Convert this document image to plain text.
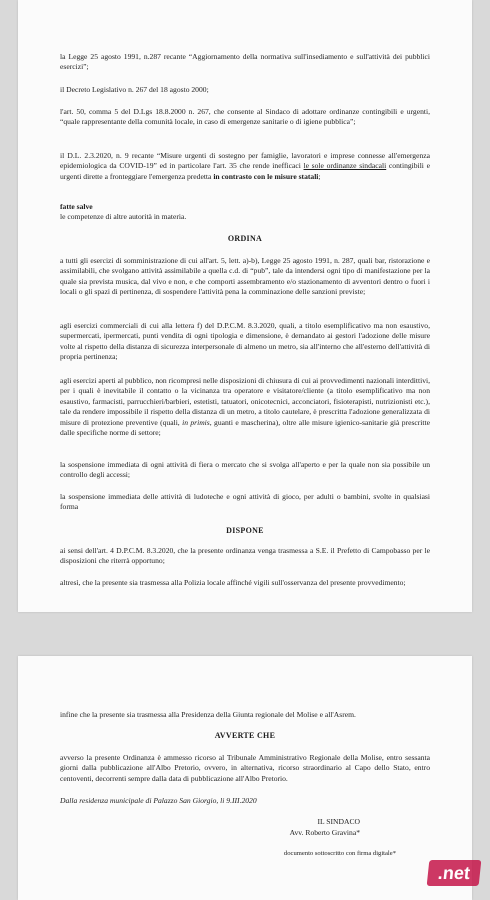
la Legge 25 agosto 1991, n.287 recante “Aggiornamento della normativa sull'insediamento e sull'attività dei pubblici esercizi”;

il Decreto Legislativo n. 267 del 18 agosto 2000;

l'art. 50, comma 5 del D.Lgs 18.8.2000 n. 267, che consente al Sindaco di adottare ordinanze contingibili e urgenti, “quale rappresentante della comunità locale, in caso di emergenze sanitarie o di igiene pubblica”;

il D.L. 2.3.2020, n. 9 recante “Misure urgenti di sostegno per famiglie, lavoratori e imprese connesse all'emergenza epidemiologica da COVID-19” ed in particolare l'art. 35 che rende inefficaci le sole ordinanze sindacali contingibili e urgenti dirette a fronteggiare l'emergenza predetta in contrasto con le misure statali;

fatte salve

le competenze di altre autorità in materia.

ORDINA

a tutti gli esercizi di somministrazione di cui all'art. 5, lett. a)-b), Legge 25 agosto 1991, n. 287, quali bar, ristorazione e assimilabili, che svolgano attività assimilabile a quella c.d. di “pub”, tale da intendersi ogni tipo di manifestazione per la quale sia prevista musica, dal vivo e non, e che comporti assembramento e/o stazionamento di avventori dentro o fuori i locali o gli spazi di pertinenza, di sospendere l'attività pena la comminazione delle sanzioni previste;

agli esercizi commerciali di cui alla lettera f) del D.P.C.M. 8.3.2020, quali, a titolo esemplificativo ma non esaustivo, supermercati, ipermercati, punti vendita di ogni tipologia e dimensione, è demandato ai gestori l'adozione delle misure volte al rispetto della distanza di sicurezza interpersonale di almeno un metro, sia all'interno che all'esterno dell'attività di propria pertinenza;

agli esercizi aperti al pubblico, non ricompresi nelle disposizioni di chiusura di cui ai provvedimenti nazionali interdittivi, per i quali è inevitabile il contatto o la vicinanza tra operatore e visitatore/cliente (a titolo esemplificativo ma non esaustivo, farmacisti, parrucchieri/barbieri, estetisti, tatuatori, onicotecnici, acconciatori, fisioterapisti, nutrizionisti etc.), tale da rendere impossibile il rispetto della distanza di un metro, a titolo cautelare, è prescritta l'adozione generalizzata di misure di protezione preventive (quali, in primis, guanti e mascherina), oltre alle misure igienico-sanitarie già prescritte dalle specifiche norme di settore;

la sospensione immediata di ogni attività di fiera o mercato che si svolga all'aperto e per la quale non sia possibile un controllo degli accessi;

la sospensione immediata delle attività di ludoteche e ogni attività di gioco, per adulti o bambini, svolte in qualsiasi forma

DISPONE

ai sensi dell'art. 4 D.P.C.M. 8.3.2020, che la presente ordinanza venga trasmessa a S.E. il Prefetto di Campobasso per le disposizioni che riterrà opportuno;

altresì, che la presente sia trasmessa alla Polizia locale affinché vigili sull'osservanza del presente provvedimento;

infine che la presente sia trasmessa alla Presidenza della Giunta regionale del Molise e all'Asrem.

AVVERTE CHE

avverso la presente Ordinanza è ammesso ricorso al Tribunale Amministrativo Regionale della Molise, entro sessanta giorni dalla pubblicazione all'Albo Pretorio, ovvero, in alternativa, ricorso straordinario al Capo dello Stato, entro centoventi, decorrenti sempre dalla data di pubblicazione all'Albo Pretorio.

Dalla residenza municipale di Palazzo San Giorgio, li 9.III.2020

IL SINDACO

Avv. Roberto Gravina*

documento sottoscritto con firma digitale*

.net
